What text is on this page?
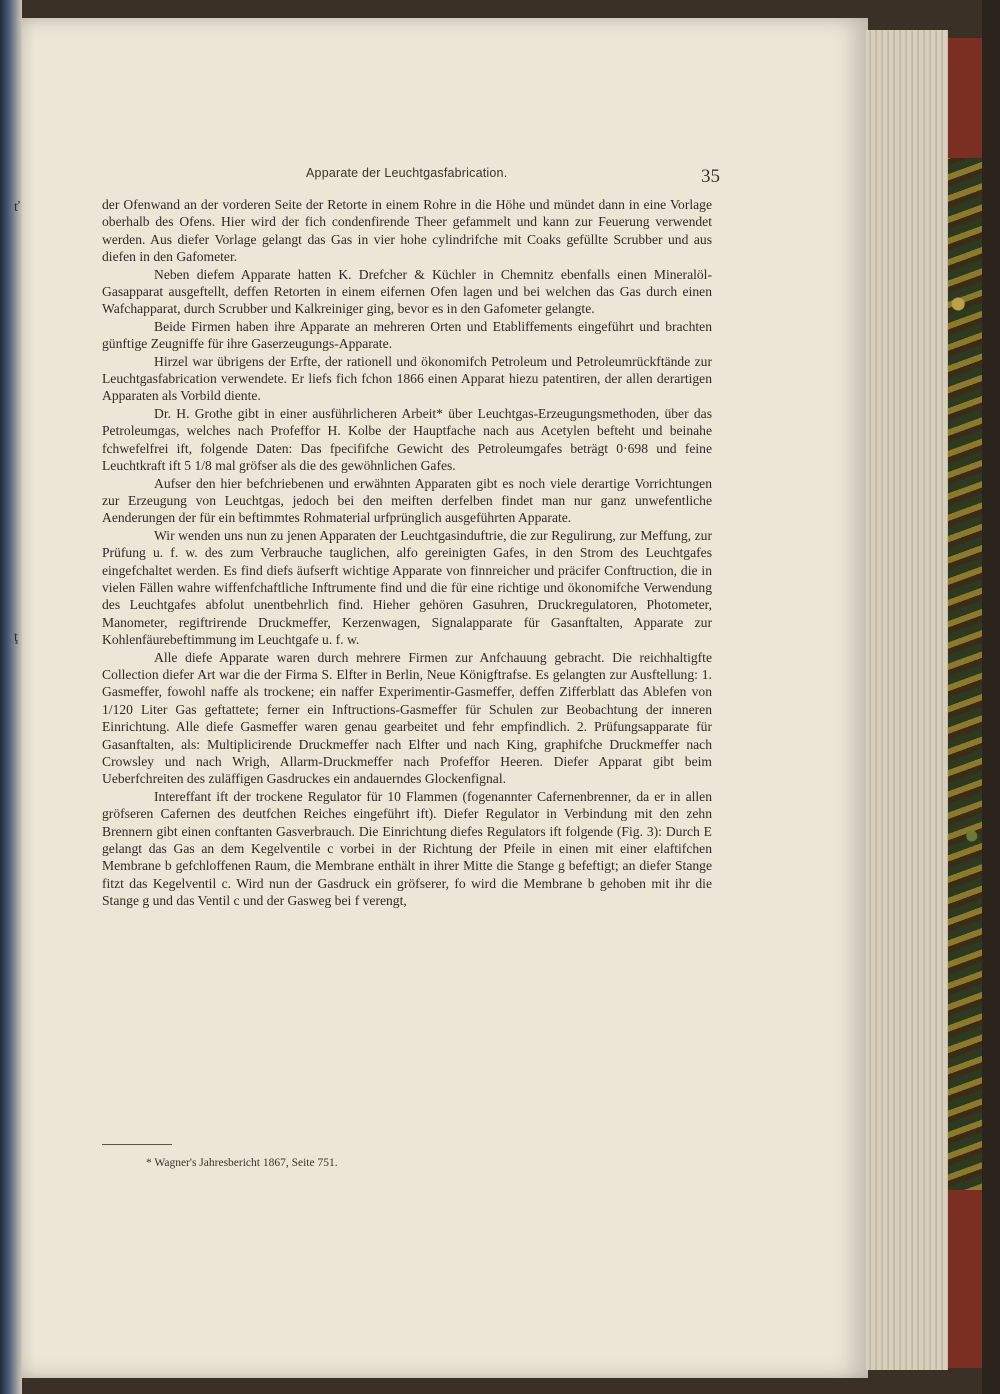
ť
ţ
Apparate der Leuchtgasfabrication.	35

der Ofenwand an der vorderen Seite der Retorte in einem Rohre in die Höhe und mündet dann in eine Vorlage oberhalb des Ofens. Hier wird der fich condenfirende Theer gefammelt und kann zur Feuerung verwendet werden. Aus diefer Vorlage gelangt das Gas in vier hohe cylindrifche mit Coaks gefüllte Scrubber und aus diefen in den Gafometer.

Neben diefem Apparate hatten K. Drefcher & Küchler in Chemnitz ebenfalls einen Mineralöl-Gasapparat ausgeftellt, deffen Retorten in einem eifernen Ofen lagen und bei welchen das Gas durch einen Wafchapparat, durch Scrubber und Kalkreiniger ging, bevor es in den Gafometer gelangte.

Beide Firmen haben ihre Apparate an mehreren Orten und Etabliffements eingeführt und brachten günftige Zeugniffe für ihre Gaserzeugungs-Apparate.

Hirzel war übrigens der Erfte, der rationell und ökonomifch Petroleum und Petroleumrückftände zur Leuchtgasfabrication verwendete. Er liefs fich fchon 1866 einen Apparat hiezu patentiren, der allen derartigen Apparaten als Vorbild diente.

Dr. H. Grothe gibt in einer ausführlicheren Arbeit* über Leuchtgas-Erzeugungsmethoden, über das Petroleumgas, welches nach Profeffor H. Kolbe der Hauptfache nach aus Acetylen befteht und beinahe fchwefelfrei ift, folgende Daten: Das fpecififche Gewicht des Petroleumgafes beträgt 0·698 und feine Leuchtkraft ift 5 1/8 mal gröfser als die des gewöhnlichen Gafes.

Aufser den hier befchriebenen und erwähnten Apparaten gibt es noch viele derartige Vorrichtungen zur Erzeugung von Leuchtgas, jedoch bei den meiften derfelben findet man nur ganz unwefentliche Aenderungen der für ein beftimmtes Rohmaterial urfprünglich ausgeführten Apparate.

Wir wenden uns nun zu jenen Apparaten der Leuchtgasinduftrie, die zur Regulirung, zur Meffung, zur Prüfung u. f. w. des zum Verbrauche tauglichen, alfo gereinigten Gafes, in den Strom des Leuchtgafes eingefchaltet werden. Es find diefs äufserft wichtige Apparate von finnreicher und präcifer Conftruction, die in vielen Fällen wahre wiffenfchaftliche Inftrumente find und die für eine richtige und ökonomifche Verwendung des Leuchtgafes abfolut unentbehrlich find. Hieher gehören Gasuhren, Druckregulatoren, Photometer, Manometer, regiftrirende Druckmeffer, Kerzenwagen, Signalapparate für Gasanftalten, Apparate zur Kohlenfäurebeftimmung im Leuchtgafe u. f. w.

Alle diefe Apparate waren durch mehrere Firmen zur Anfchauung gebracht. Die reichhaltigfte Collection diefer Art war die der Firma S. Elfter in Berlin, Neue Königftrafse. Es gelangten zur Ausftellung: 1. Gasmeffer, fowohl naffe als trockene; ein naffer Experimentir-Gasmeffer, deffen Zifferblatt das Ablefen von 1/120 Liter Gas geftattete; ferner ein Inftructions-Gasmeffer für Schulen zur Beobachtung der inneren Einrichtung. Alle diefe Gasmeffer waren genau gearbeitet und fehr empfindlich. 2. Prüfungsapparate für Gasanftalten, als: Multiplicirende Druckmeffer nach Elfter und nach King, graphifche Druckmeffer nach Crowsley und nach Wrigh, Allarm-Druckmeffer nach Profeffor Heeren. Diefer Apparat gibt beim Ueberfchreiten des zuläffigen Gasdruckes ein andauerndes Glockenfignal.

Intereffant ift der trockene Regulator für 10 Flammen (fogenannter Cafernenbrenner, da er in allen gröfseren Cafernen des deutfchen Reiches eingeführt ift). Diefer Regulator in Verbindung mit den zehn Brennern gibt einen conftanten Gasverbrauch. Die Einrichtung diefes Regulators ift folgende (Fig. 3): Durch E gelangt das Gas an dem Kegelventile c vorbei in der Richtung der Pfeile in einen mit einer elaftifchen Membrane b gefchloffenen Raum, die Membrane enthält in ihrer Mitte die Stange g befeftigt; an diefer Stange fitzt das Kegelventil c. Wird nun der Gasdruck ein gröfserer, fo wird die Membrane b gehoben mit ihr die Stange g und das Ventil c und der Gasweg bei f verengt,

* Wagner's Jahresbericht 1867, Seite 751.
